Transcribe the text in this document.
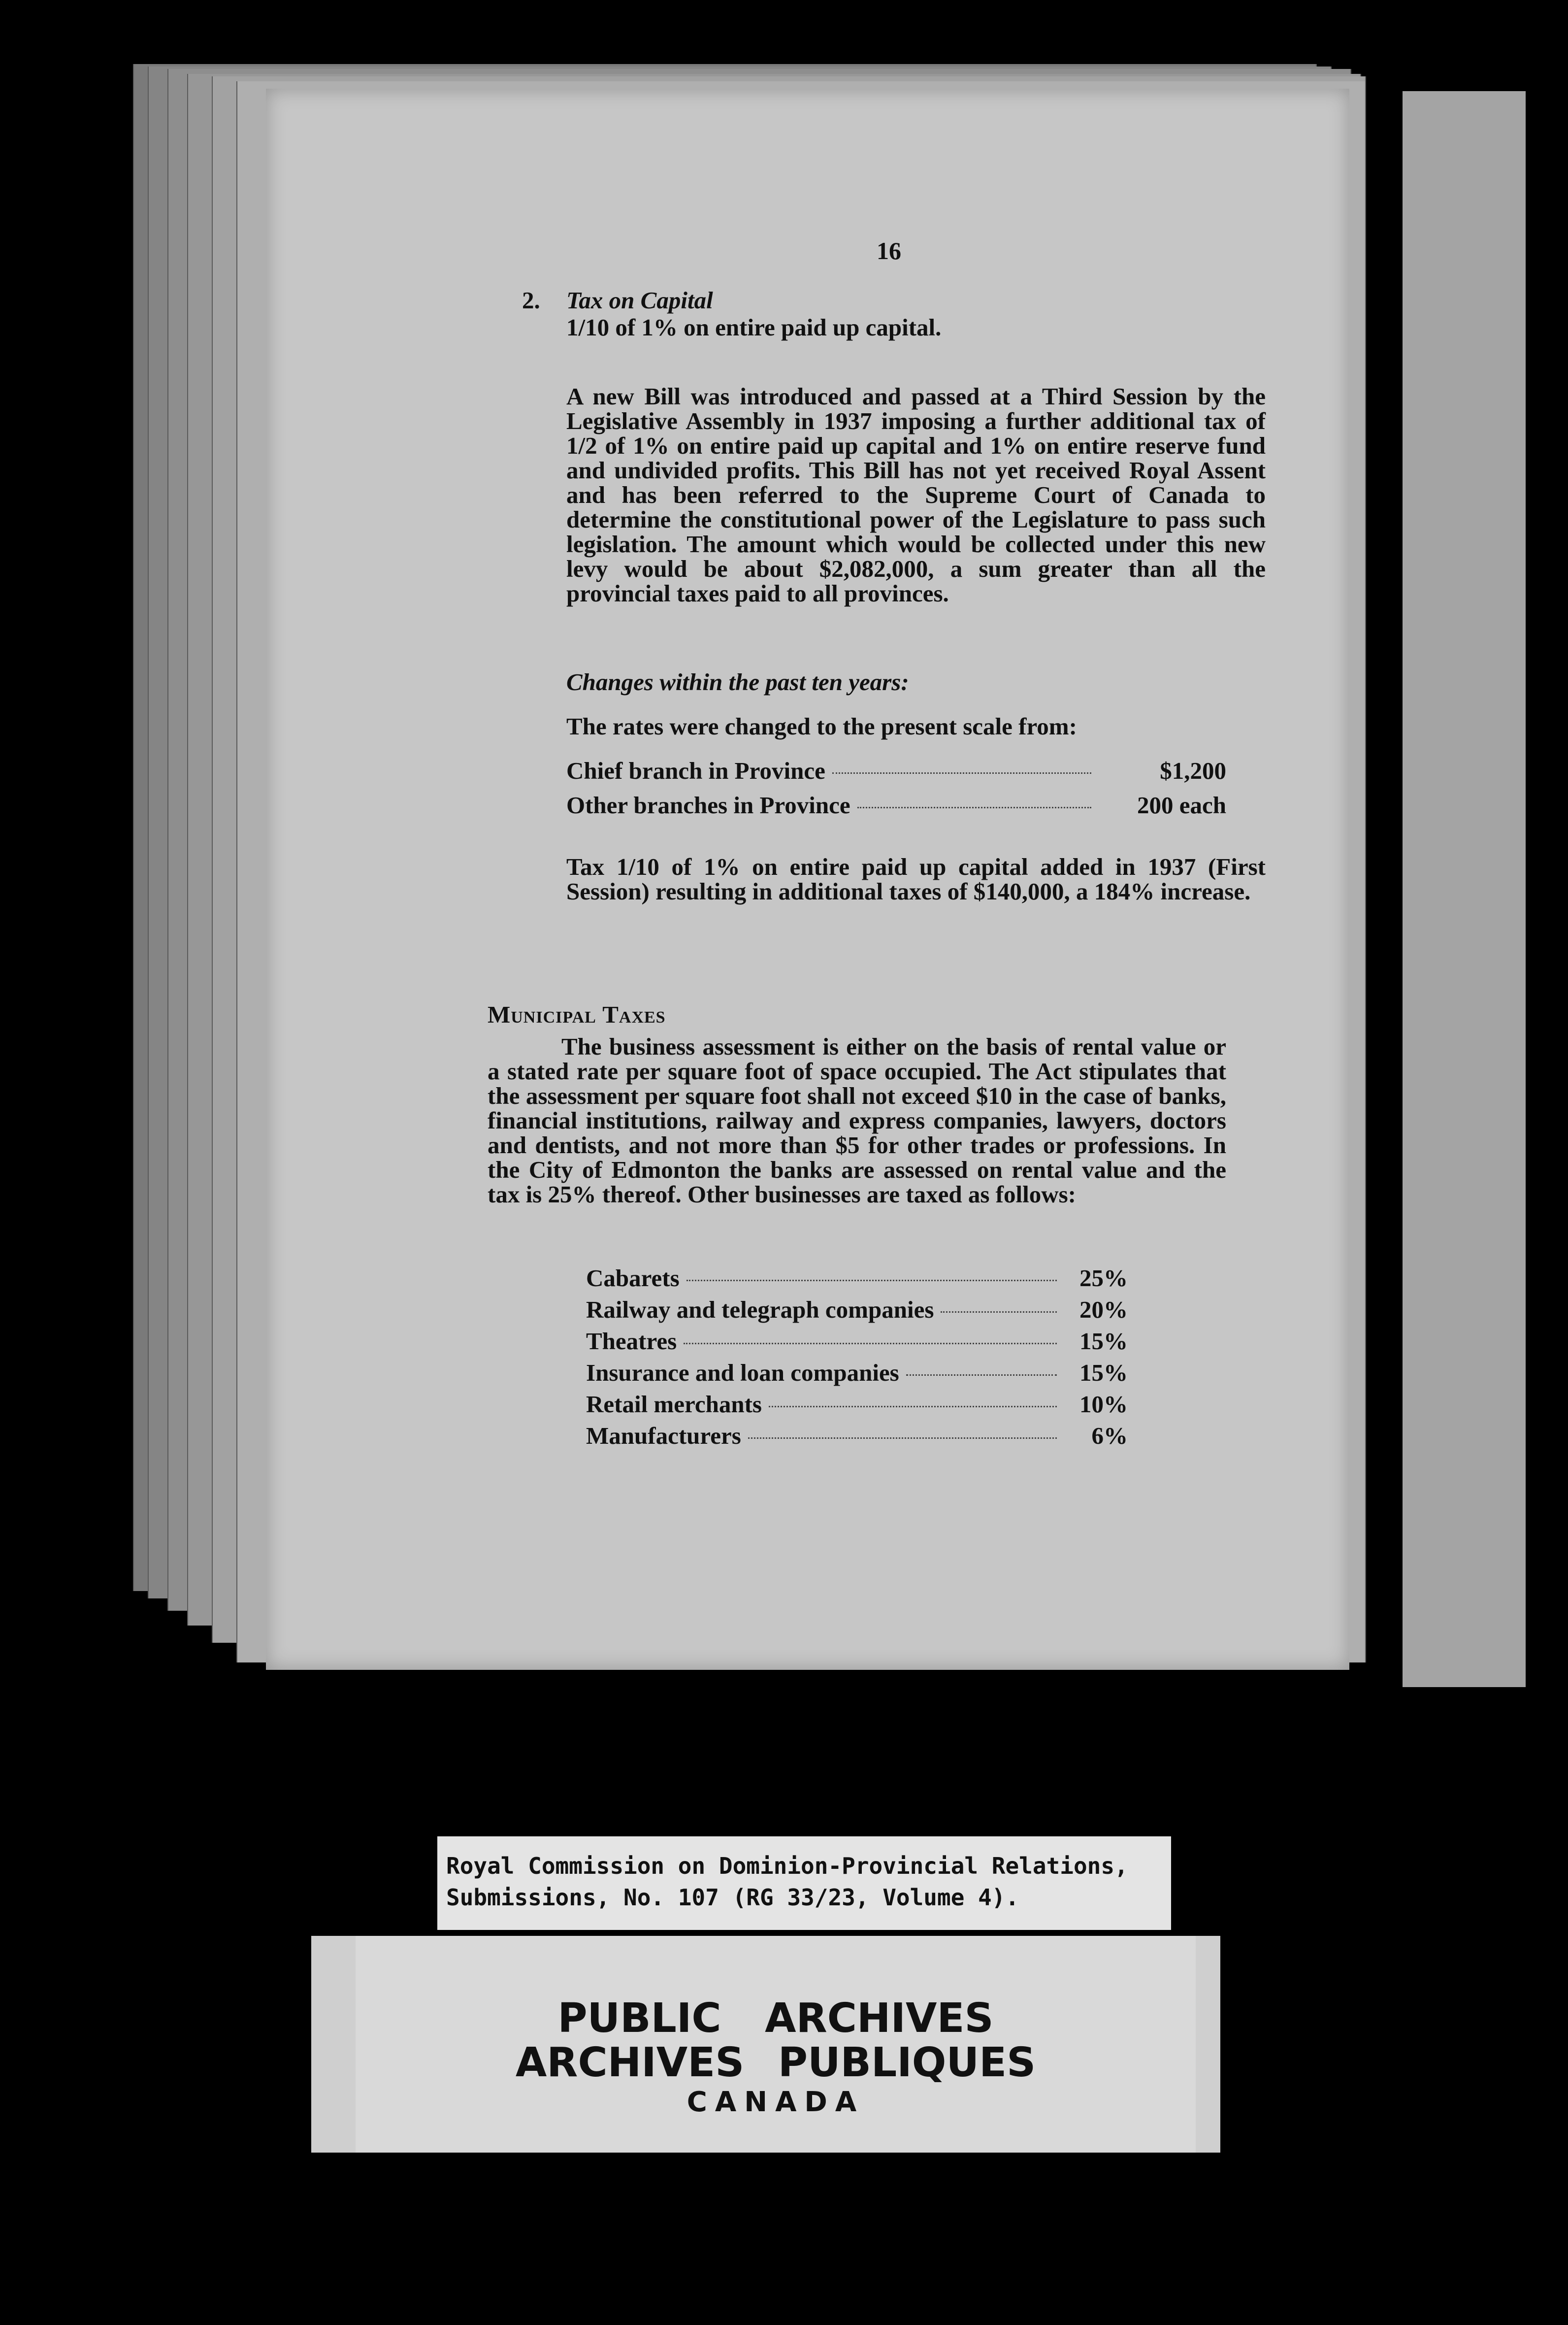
16
2. Tax on Capital
1/10 of 1% on entire paid up capital.
A new Bill was introduced and passed at a Third Session by the Legislative Assembly in 1937 imposing a further additional tax of 1/2 of 1% on entire paid up capital and 1% on entire reserve fund and undivided profits. This Bill has not yet received Royal Assent and has been referred to the Supreme Court of Canada to determine the constitutional power of the Legislature to pass such legislation. The amount which would be collected under this new levy would be about $2,082,000, a sum greater than all the provincial taxes paid to all provinces.
Changes within the past ten years:
The rates were changed to the present scale from:
Chief branch in Province	$1,200
Other branches in Province	200 each
Tax 1/10 of 1% on entire paid up capital added in 1937 (First Session) resulting in additional taxes of $140,000, a 184% increase.
Municipal Taxes
The business assessment is either on the basis of rental value or a stated rate per square foot of space occupied. The Act stipulates that the assessment per square foot shall not exceed $10 in the case of banks, financial institutions, railway and express companies, lawyers, doctors and dentists, and not more than $5 for other trades or professions. In the City of Edmonton the banks are assessed on rental value and the tax is 25% thereof. Other businesses are taxed as follows:
Cabarets	25%
Railway and telegraph companies	20%
Theatres	15%
Insurance and loan companies	15%
Retail merchants	10%
Manufacturers	6%
Royal Commission on Dominion-Provincial Relations,
Submissions, No. 107 (RG 33/23, Volume 4).
PUBLIC ARCHIVES
ARCHIVES PUBLIQUES
CANADA
